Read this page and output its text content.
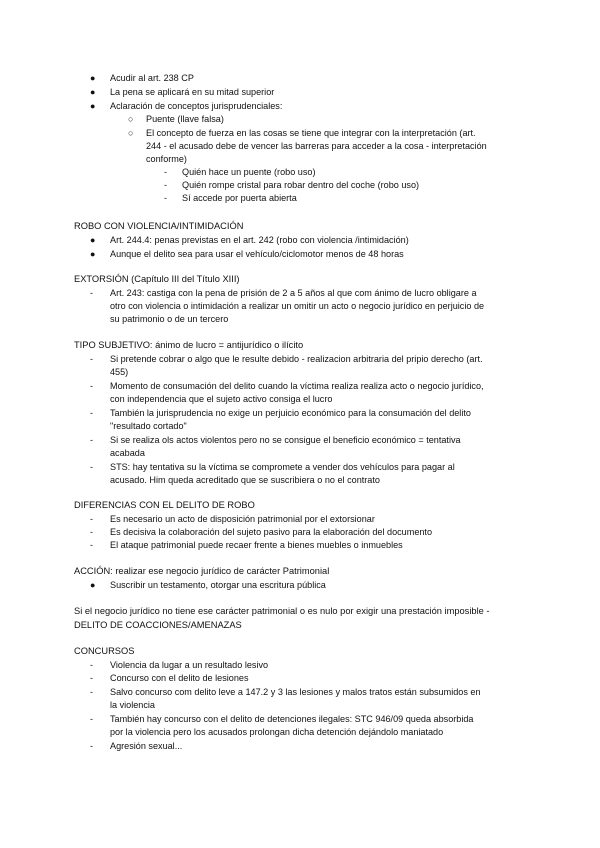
● Acudir al art. 238 CP
● La pena se aplicará en su mitad superior
● Aclaración de conceptos jurisprudenciales:
○ Puente (llave falsa)
○ El concepto de fuerza en las cosas se tiene que integrar con la interpretación (art.
244 - el acusado debe de vencer las barreras para acceder a la cosa - interpretación
conforme)
- Quién hace un puente (robo uso)
- Quién rompe cristal para robar dentro del coche (robo uso)
- Sí accede por puerta abierta
ROBO CON VIOLENCIA/INTIMIDACIÓN
● Art. 244.4: penas previstas en el art. 242 (robo con violencia /intimidación)
● Aunque el delito sea para usar el vehículo/ciclomotor menos de 48 horas
EXTORSIÓN (Capítulo III del Título XIII)
- Art. 243: castiga con la pena de prisión de 2 a 5 años al que com ánimo de lucro obligare a
otro con violencia o intimidación a realizar un omitir un acto o negocio jurídico en perjuicio de
su patrimonio o de un tercero
TIPO SUBJETIVO: ánimo de lucro = antijurídico o ilícito
- Si pretende cobrar o algo que le resulte debido - realizacion arbitraria del pripio derecho (art.
455)
- Momento de consumación del delito cuando la víctima realiza realiza acto o negocio jurídico,
con independencia que el sujeto activo consiga el lucro
- También la jurisprudencia no exige un perjuicio económico para la consumación del delito
"resultado cortado"
- Si se realiza ols actos violentos pero no se consigue el beneficio económico = tentativa
acabada
- STS: hay tentativa su la víctima se compromete a vender dos vehículos para pagar al
acusado. Him queda acreditado que se suscribiera o no el contrato
DIFERENCIAS CON EL DELITO DE ROBO
- Es necesario un acto de disposición patrimonial por el extorsionar
- Es decisiva la colaboración del sujeto pasivo para la elaboración del documento
- El ataque patrimonial puede recaer frente a bienes muebles o inmuebles
ACCIÓN: realizar ese negocio jurídico de carácter Patrimonial
● Suscribir un testamento, otorgar una escritura pública
Si el negocio jurídico no tiene ese carácter patrimonial o es nulo por exigir una prestación imposible -
DELITO DE COACCIONES/AMENAZAS
CONCURSOS
- Violencia da lugar a un resultado lesivo
- Concurso con el delito de lesiones
- Salvo concurso com delito leve a 147.2 y 3 las lesiones y malos tratos están subsumidos en
la violencia
- También hay concurso con el delito de detenciones ilegales: STC 946/09 queda absorbida
por la violencia pero los acusados prolongan dicha detención dejándolo maniatado
- Agresión sexual...
